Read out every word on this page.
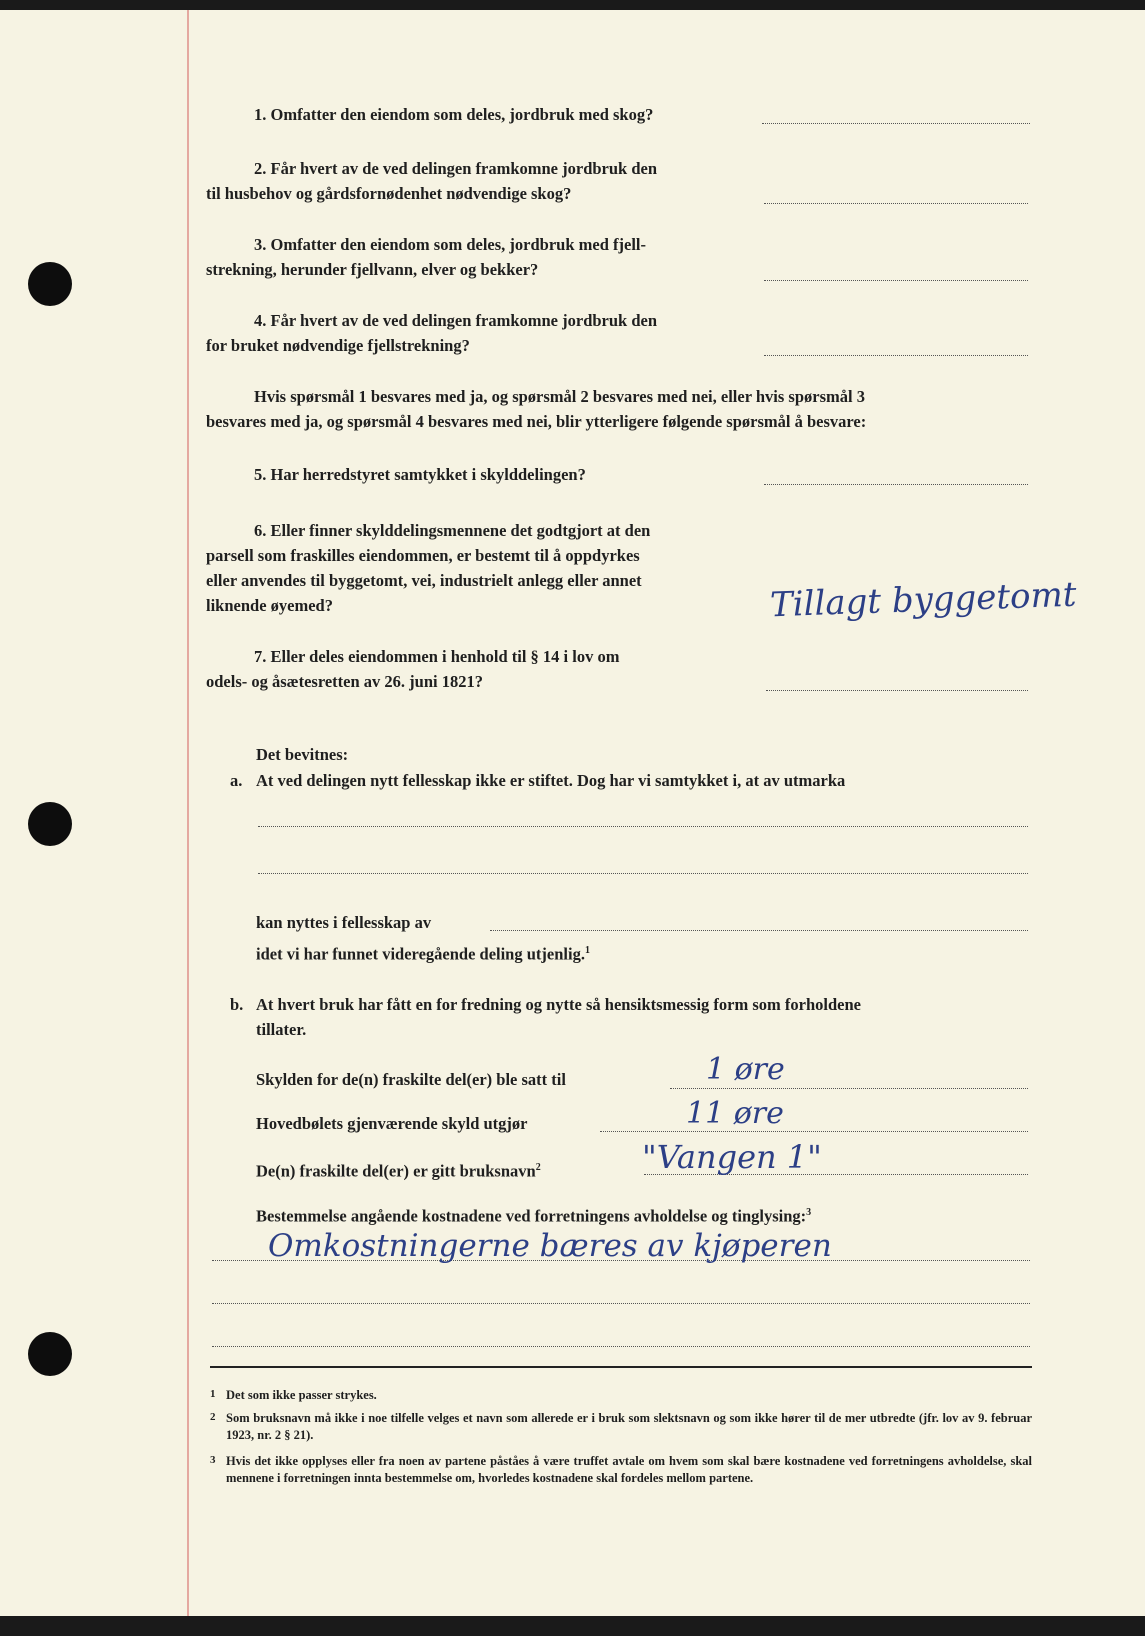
1. Omfatter den eiendom som deles, jordbruk med skog?
2. Får hvert av de ved delingen framkomne jordbruk den
til husbehov og gårdsfornødenhet nødvendige skog?
3. Omfatter den eiendom som deles, jordbruk med fjell-
strekning, herunder fjellvann, elver og bekker?
4. Får hvert av de ved delingen framkomne jordbruk den
for bruket nødvendige fjellstrekning?
Hvis spørsmål 1 besvares med ja, og spørsmål 2 besvares med nei, eller hvis spørsmål 3
besvares med ja, og spørsmål 4 besvares med nei, blir ytterligere følgende spørsmål å besvare:
5. Har herredstyret samtykket i skylddelingen?
6. Eller finner skylddelingsmennene det godtgjort at den
parsell som fraskilles eiendommen, er bestemt til å oppdyrkes
eller anvendes til byggetomt, vei, industrielt anlegg eller annet
liknende øyemed?	Tillagt byggetomt
7. Eller deles eiendommen i henhold til § 14 i lov om
odels- og åsætesretten av 26. juni 1821?
Det bevitnes:
a. At ved delingen nytt fellesskap ikke er stiftet. Dog har vi samtykket i, at av utmarka
kan nyttes i fellesskap av
idet vi har funnet videregående deling utjenlig.$^1$
b. At hvert bruk har fått en for fredning og nytte så hensiktsmessig form som forholdene
tillater.
Skylden for de(n) fraskilte del(er) ble satt til	1 øre
Hovedbølets gjenværende skyld utgjør	11 øre
De(n) fraskilte del(er) er gitt bruksnavn$^2$	"Vangen 1"
Bestemmelse angående kostnadene ved forretningens avholdelse og tinglysing:$^3$
Omkostningerne bæres av kjøperen
1 Det som ikke passer strykes.
2 Som bruksnavn må ikke i noe tilfelle velges et navn som allerede er i bruk som slektsnavn og som ikke hører til de mer utbredte (jfr. lov av 9. februar 1923, nr. 2 § 21).
3 Hvis det ikke opplyses eller fra noen av partene påståes å være truffet avtale om hvem som skal bære kostnadene ved forretningens avholdelse, skal mennene i forretningen innta bestemmelse om, hvorledes kostnadene skal fordeles mellom partene.
